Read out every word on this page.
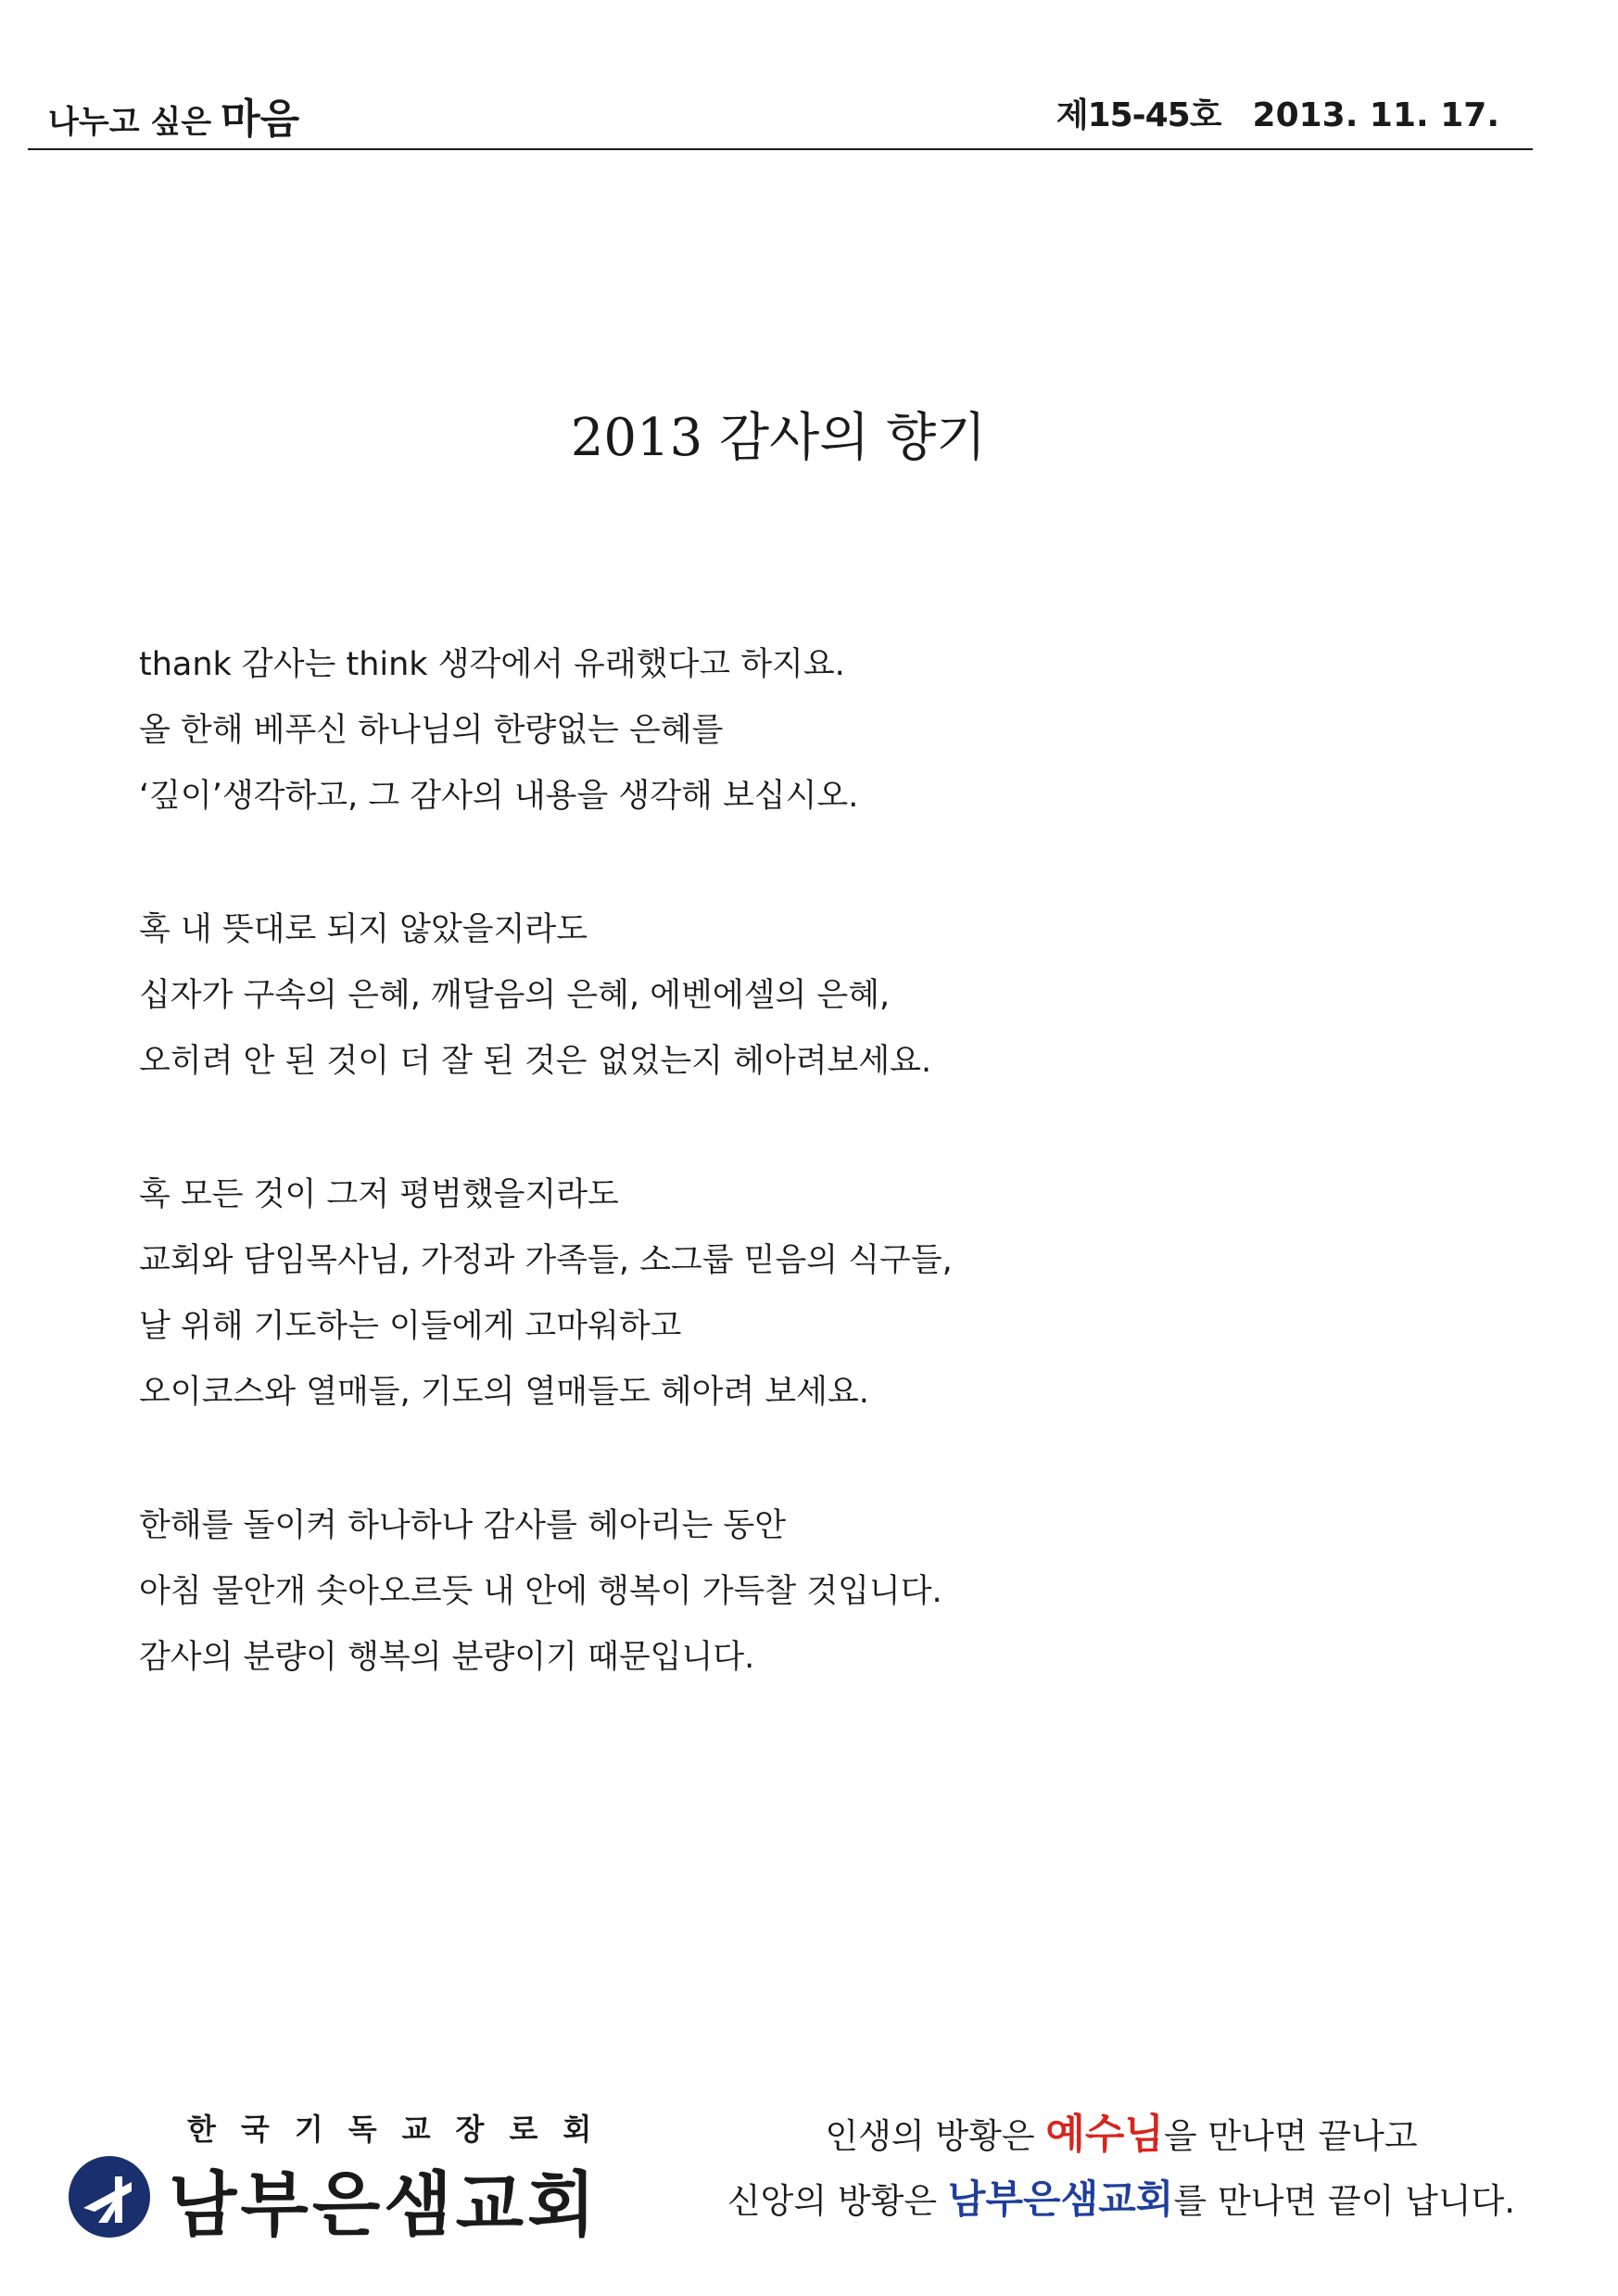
나누고 싶은 마음	제15-45호 2013. 11. 17.
2013 감사의 향기
thank 감사는 think 생각에서 유래했다고 하지요.
올 한해 베푸신 하나님의 한량없는 은혜를
‘깊이’생각하고, 그 감사의 내용을 생각해 보십시오.
혹 내 뜻대로 되지 않았을지라도
십자가 구속의 은혜, 깨달음의 은혜, 에벤에셀의 은혜,
오히려 안 된 것이 더 잘 된 것은 없었는지 헤아려보세요.
혹 모든 것이 그저 평범했을지라도
교회와 담임목사님, 가정과 가족들, 소그룹 믿음의 식구들,
날 위해 기도하는 이들에게 고마워하고
오이코스와 열매들, 기도의 열매들도 헤아려 보세요.
한해를 돌이켜 하나하나 감사를 헤아리는 동안
아침 물안개 솟아오르듯 내 안에 행복이 가득찰 것입니다.
감사의 분량이 행복의 분량이기 때문입니다.
한국기독교장로회
남부은샘교회
인생의 방황은 예수님을 만나면 끝나고
신앙의 방황은 남부은샘교회를 만나면 끝이 납니다.
